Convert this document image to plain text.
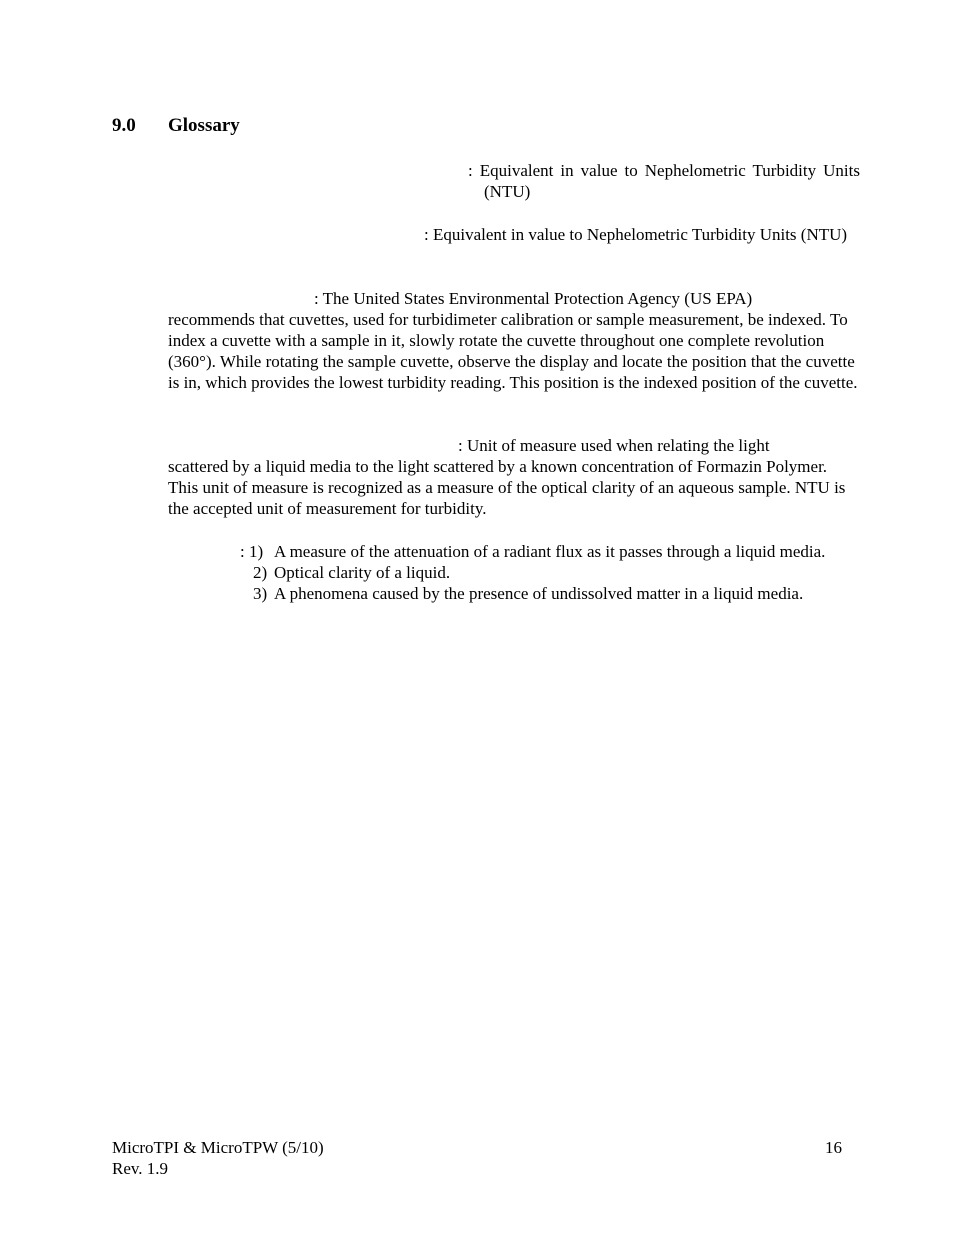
9.0 Glossary

: Equivalent in value to Nephelometric Turbidity Units (NTU)

: Equivalent in value to Nephelometric Turbidity Units (NTU)

: The United States Environmental Protection Agency (US EPA)
recommends that cuvettes, used for turbidimeter calibration or sample measurement, be indexed. To index a cuvette with a sample in it, slowly rotate the cuvette throughout one complete revolution (360°). While rotating the sample cuvette, observe the display and locate the position that the cuvette is in, which provides the lowest turbidity reading. This position is the indexed position of the cuvette.
: Unit of measure used when relating the light
scattered by a liquid media to the light scattered by a known concentration of Formazin Polymer. This unit of measure is recognized as a measure of the optical clarity of an aqueous sample. NTU is the accepted unit of measurement for turbidity.
: 1) A measure of the attenuation of a radiant flux as it passes through a liquid media.
2) Optical clarity of a liquid.
3) A phenomena caused by the presence of undissolved matter in a liquid media.
MicroTPI & MicroTPW (5/10)
Rev. 1.9
16
